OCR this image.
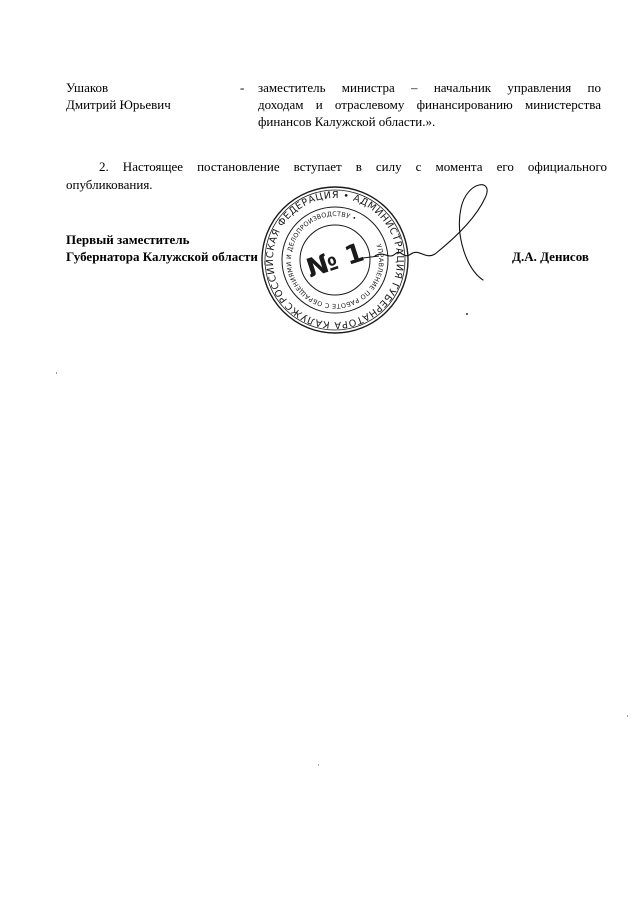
Ушаков
Дмитрий Юрьевич
- заместитель министра – начальник управления по
доходам и отраслевому финансированию министерства
финансов Калужской области.».
2. Настоящее постановление вступает в силу с момента его официального
опубликования.
Первый заместитель
Губернатора Калужской области	Д.А. Денисов
РОССИЙСКАЯ ФЕДЕРАЦИЯ • АДМИНИСТРАЦИЯ ГУБЕРНАТОРА КАЛУЖСКОЙ	УПРАВЛЕНИЕ ПО РАБОТЕ С ОБРАЩЕНИЯМИ И ДЕЛОПРОИЗВОДСТВУ •
№ 1
